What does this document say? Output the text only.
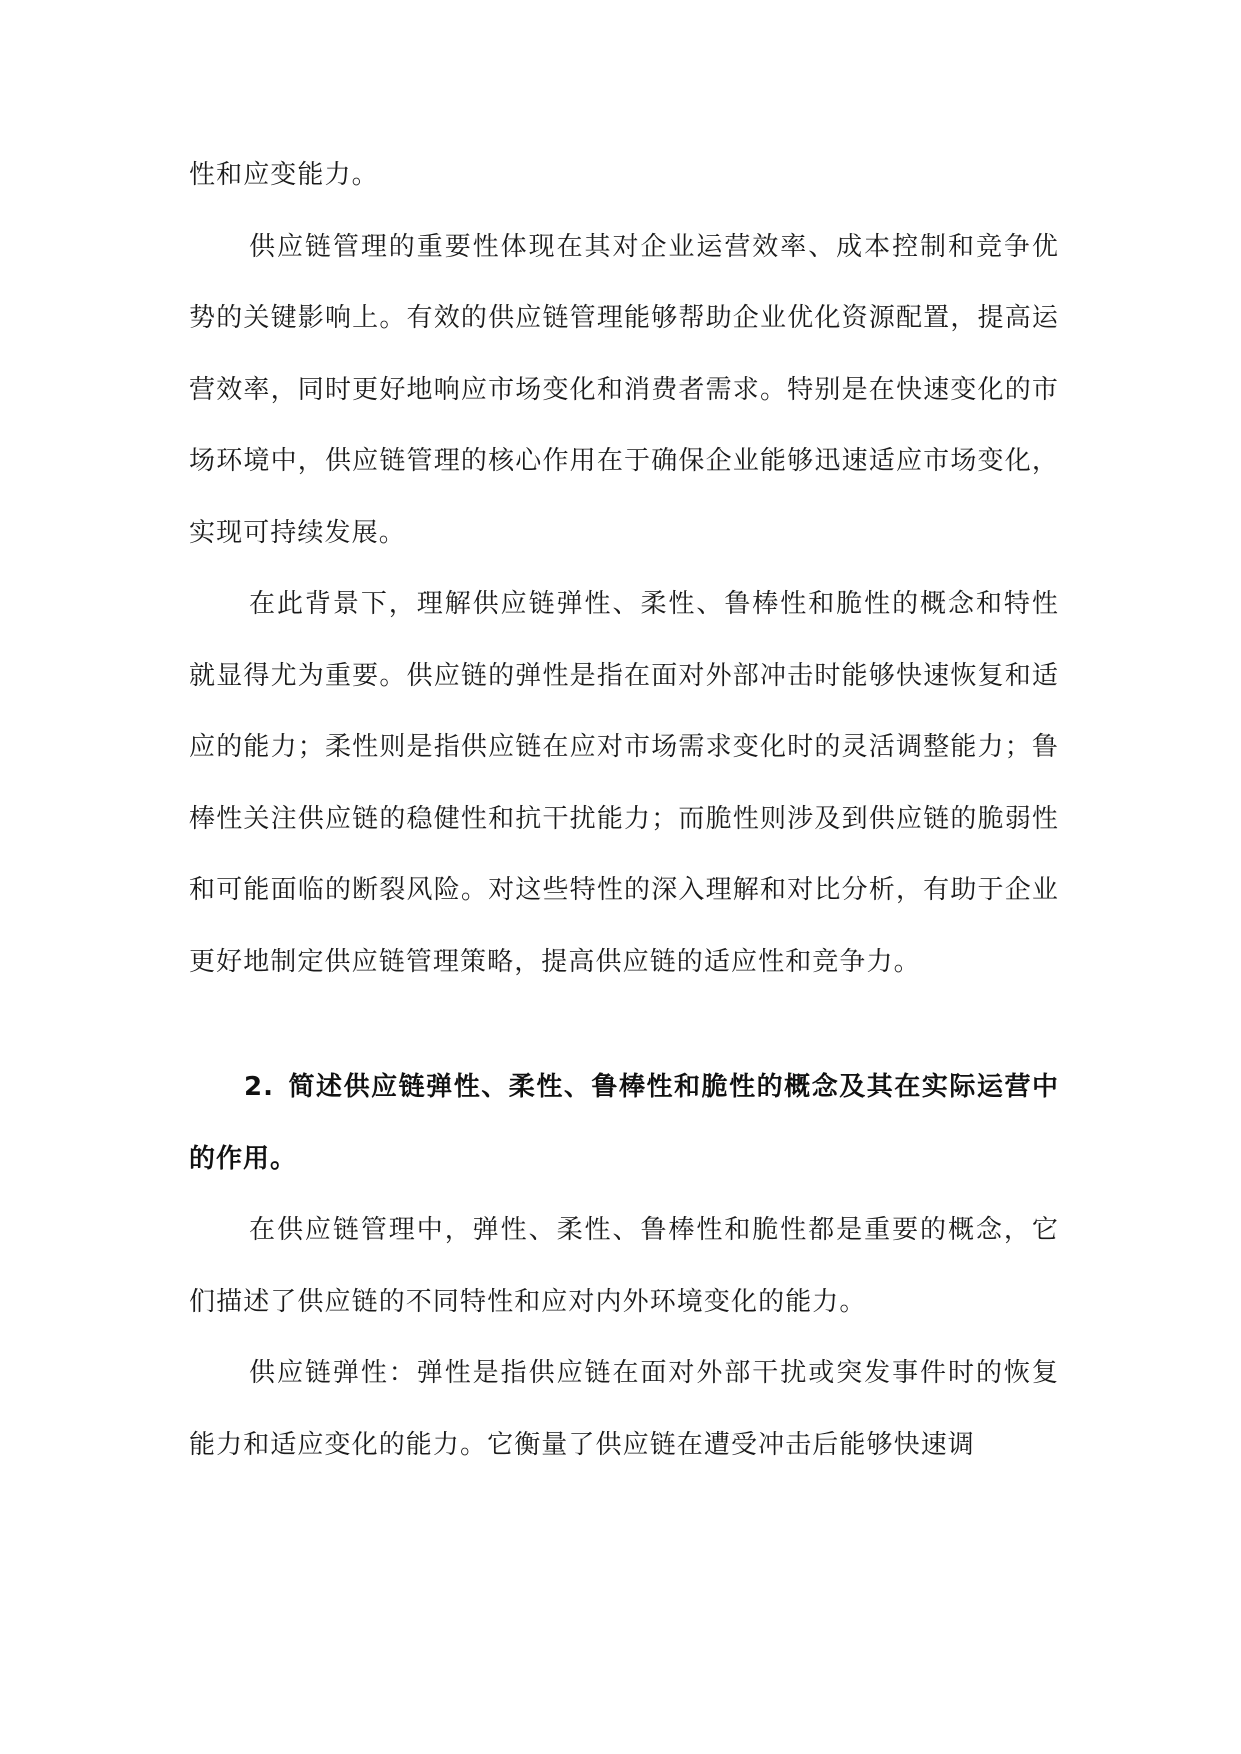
性和应变能力。

供应链管理的重要性体现在其对企业运营效率、成本控制和竞争优势的关键影响上。有效的供应链管理能够帮助企业优化资源配置，提高运营效率，同时更好地响应市场变化和消费者需求。特别是在快速变化的市场环境中，供应链管理的核心作用在于确保企业能够迅速适应市场变化，实现可持续发展。

在此背景下，理解供应链弹性、柔性、鲁棒性和脆性的概念和特性就显得尤为重要。供应链的弹性是指在面对外部冲击时能够快速恢复和适应的能力；柔性则是指供应链在应对市场需求变化时的灵活调整能力；鲁棒性关注供应链的稳健性和抗干扰能力；而脆性则涉及到供应链的脆弱性和可能面临的断裂风险。对这些特性的深入理解和对比分析，有助于企业更好地制定供应链管理策略，提高供应链的适应性和竞争力。

2. 简述供应链弹性、柔性、鲁棒性和脆性的概念及其在实际运营中的作用。

在供应链管理中，弹性、柔性、鲁棒性和脆性都是重要的概念，它们描述了供应链的不同特性和应对内外环境变化的能力。

供应链弹性：弹性是指供应链在面对外部干扰或突发事件时的恢复能力和适应变化的能力。它衡量了供应链在遭受冲击后能够快速调
